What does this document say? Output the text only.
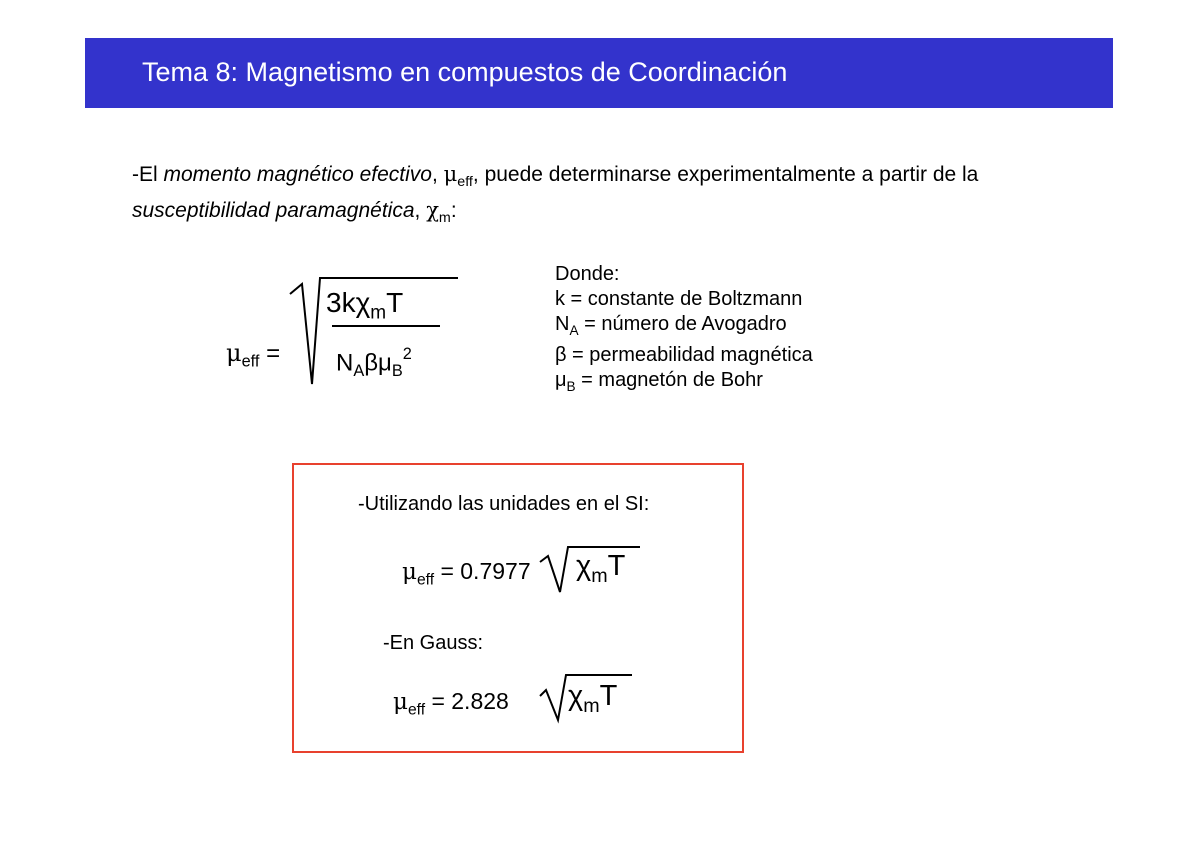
Tema 8: Magnetismo en compuestos de Coordinación
-El momento magnético efectivo, $\mu_{eff}$, puede determinarse experimentalmente a partir de la
susceptibilidad paramagnética, $\chi_m$:
$\mu_{eff}$ =
$3k\chi_mT$
$N_A\beta\mu_B^2$
Donde:
k = constante de Boltzmann
$N_A$ = número de Avogadro
β = permeabilidad magnética
$\mu_B$ = magnetón de Bohr
-Utilizando las unidades en el SI:
$\mu_{eff} = 0.7977$ $\chi_mT$
-En Gauss:
$\mu_{eff} = 2.828$ $\chi_mT$
